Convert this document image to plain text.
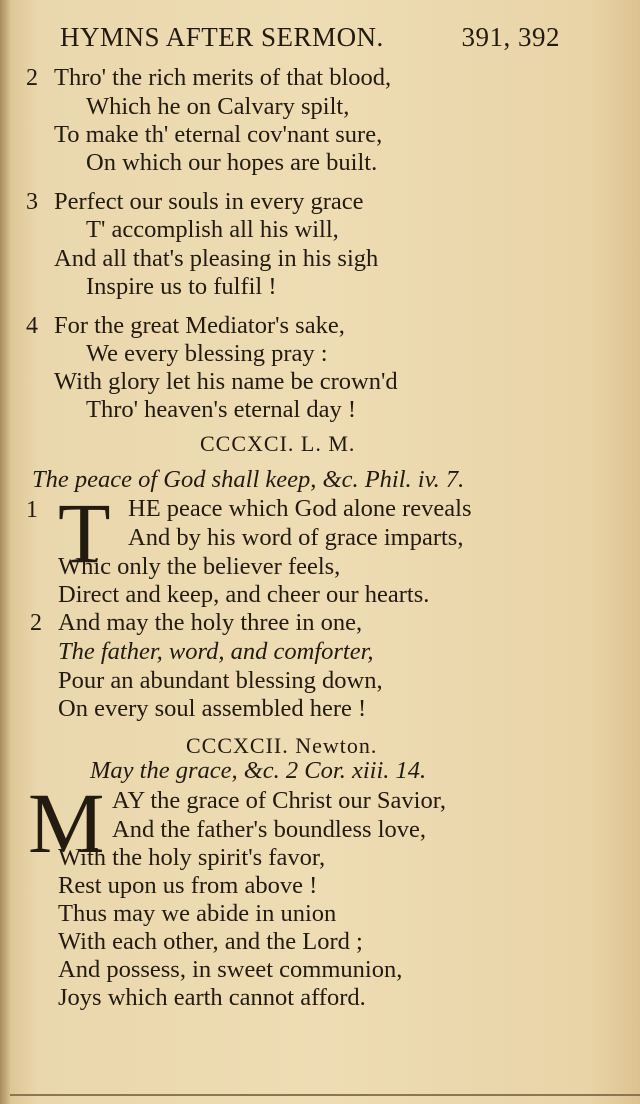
HYMNS AFTER SERMON.	391, 392
2 Thro' the rich merits of that blood,
Which he on Calvary spilt,
To make th' eternal cov'nant sure,
On which our hopes are built.
3 Perfect our souls in every grace
T' accomplish all his will,
And all that's pleasing in his sigh
Inspire us to fulfil !
4 For the great Mediator's sake,
We every blessing pray :
With glory let his name be crown'd
Thro' heaven's eternal day !
CCCXCI. L. M.
The peace of God shall keep, &c. Phil. iv. 7.
1 T HE peace which God alone reveals
And by his word of grace imparts,
Whic only the believer feels,
Direct and keep, and cheer our hearts.
2 And may the holy three in one,
The father, word, and comforter,
Pour an abundant blessing down,
On every soul assembled here !
CCCXCII. Newton.
May the grace, &c. 2 Cor. xiii. 14.
M AY the grace of Christ our Savior,
And the father's boundless love,
With the holy spirit's favor,
Rest upon us from above !
Thus may we abide in union
With each other, and the Lord ;
And possess, in sweet communion,
Joys which earth cannot afford.
